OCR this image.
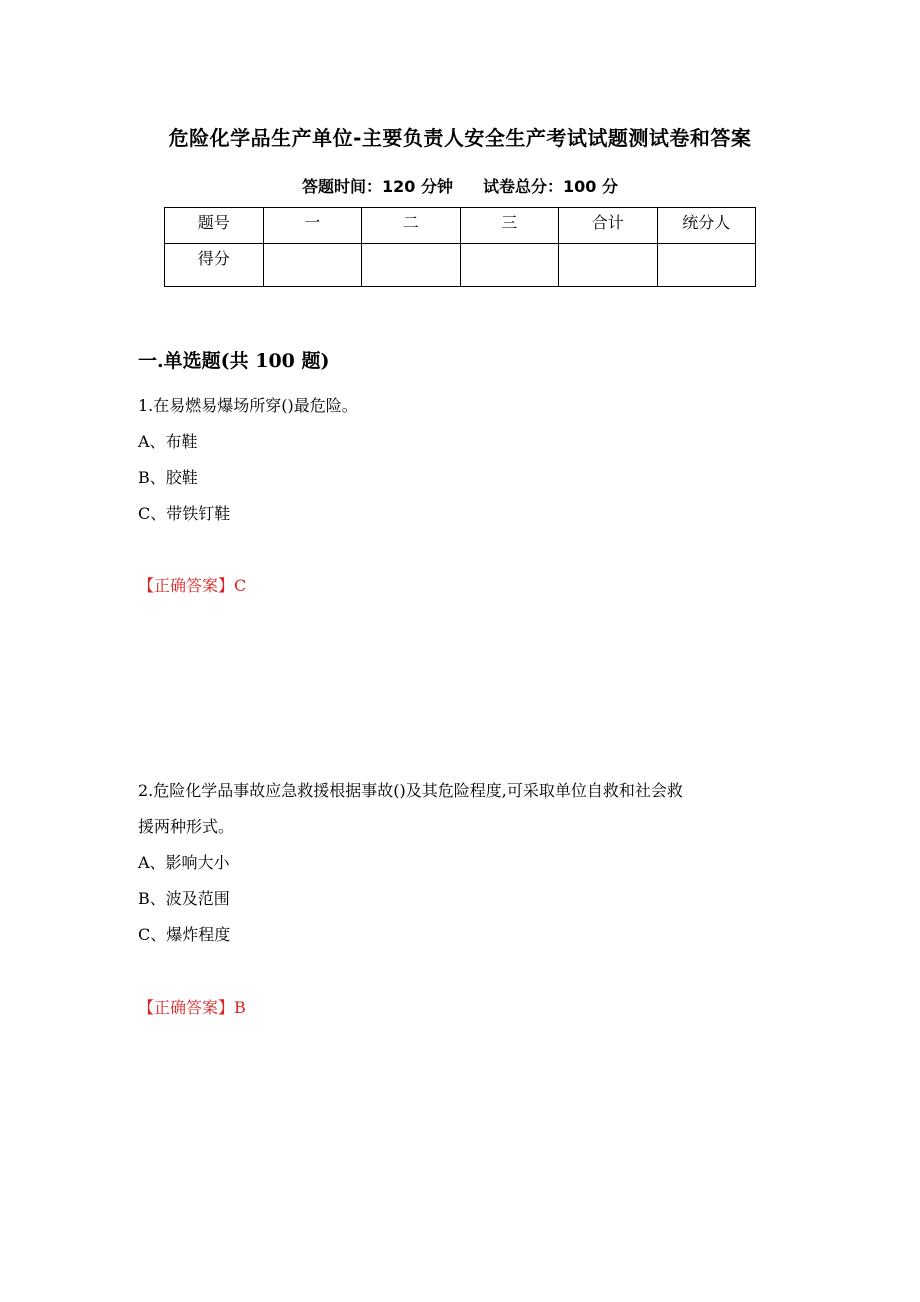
危险化学品生产单位-主要负责人安全生产考试试题测试卷和答案
答题时间：120 分钟 试卷总分：100 分
题号	一	二	三	合计	统分人
得分					
一.单选题(共 100 题)
1.在易燃易爆场所穿()最危险。
A、布鞋
B、胶鞋
C、带铁钉鞋
【正确答案】C
2.危险化学品事故应急救援根据事故()及其危险程度,可采取单位自救和社会救
援两种形式。
A、影响大小
B、波及范围
C、爆炸程度
【正确答案】B
